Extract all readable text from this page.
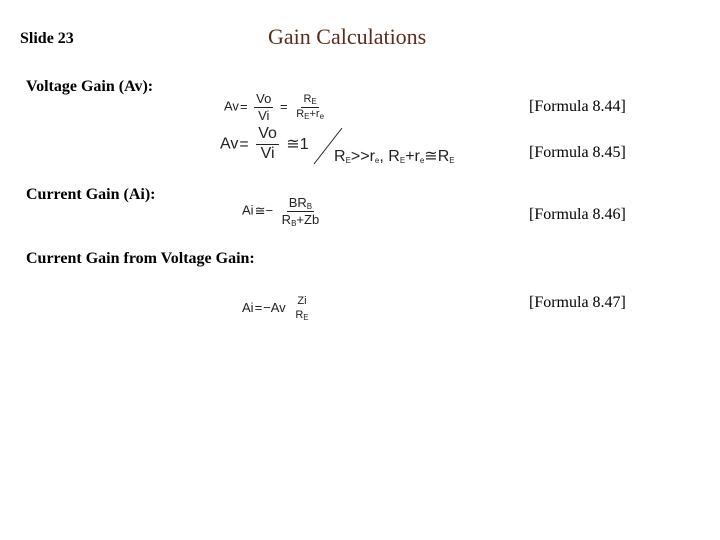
Slide 23	Gain Calculations
Voltage Gain (Av):
Current Gain (Ai):
Current Gain from Voltage Gain:
$Av= \frac{Vo}{Vi} = \frac{RE}{RE+re}$
$Av= \frac{Vo}{Vi}$ ≅1
RE>>re, RE+re≅RE
Ai≅− $\frac{\text{BRB}}{RB+Zb}$
Ai=−Av Zi
RE
[Formula 8.44]
[Formula 8.45]
[Formula 8.46]
[Formula 8.47]
